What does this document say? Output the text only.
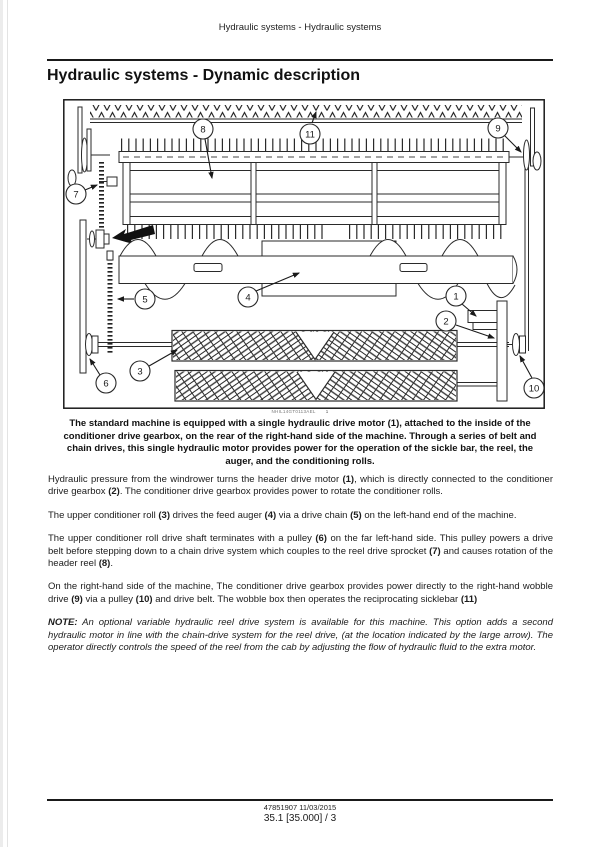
Hydraulic systems - Hydraulic systems
Hydraulic systems - Dynamic description
1
2
3
4
5
6
7
8	9
10
11
NHIL14GT0113AEL 1
The standard machine is equipped with a single hydraulic drive motor (1), attached to the inside of the conditioner drive gearbox, on the rear of the right-hand side of the machine. Through a series of belt and chain drives, this single hydraulic motor provides power for the operation of the sickle bar, the reel, the auger, and the conditioning rolls.

Hydraulic pressure from the windrower turns the header drive motor (1), which is directly connected to the conditioner drive gearbox (2). The conditioner drive gearbox provides power to rotate the conditioner rolls.

The upper conditioner roll (3) drives the feed auger (4) via a drive chain (5) on the left-hand end of the machine.

The upper conditioner roll drive shaft terminates with a pulley (6) on the far left-hand side. This pulley powers a drive belt before stepping down to a chain drive system which couples to the reel drive sprocket (7) and causes rotation of the header reel (8).

On the right-hand side of the machine, The conditioner drive gearbox provides power directly to the right-hand wobble drive (9) via a pulley (10) and drive belt. The wobble box then operates the reciprocating sicklebar (11)

NOTE: An optional variable hydraulic reel drive system is available for this machine. This option adds a second hydraulic motor in line with the chain-drive system for the reel drive, (at the location indicated by the large arrow). The operator directly controls the speed of the reel from the cab by adjusting the flow of hydraulic fluid to the extra motor.

47851907 11/03/2015
35.1 [35.000] / 3
